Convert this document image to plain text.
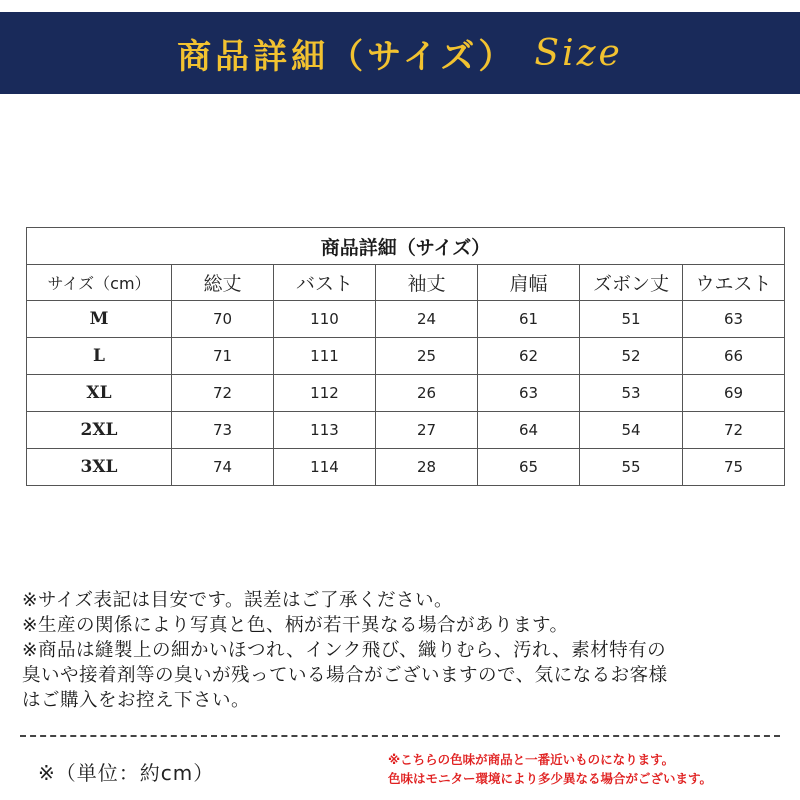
商品詳細（サイズ） Size
商品詳細（サイズ）						
サイズ（cm）	総丈	バスト	袖丈	肩幅	ズボン丈	ウエスト
M	70	110	24	61	51	63
L	71	111	25	62	52	66
XL	72	112	26	63	53	69
2XL	73	113	27	64	54	72
3XL	74	114	28	65	55	75
※サイズ表記は目安です。誤差はご了承ください。
※生産の関係により写真と色、柄が若干異なる場合があります。
※商品は縫製上の細かいほつれ、インク飛び、織りむら、汚れ、素材特有の
臭いや接着剤等の臭いが残っている場合がございますので、気になるお客様
はご購入をお控え下さい。
※（単位：約cm）
※こちらの色味が商品と一番近いものになります。
色味はモニター環境により多少異なる場合がございます。
